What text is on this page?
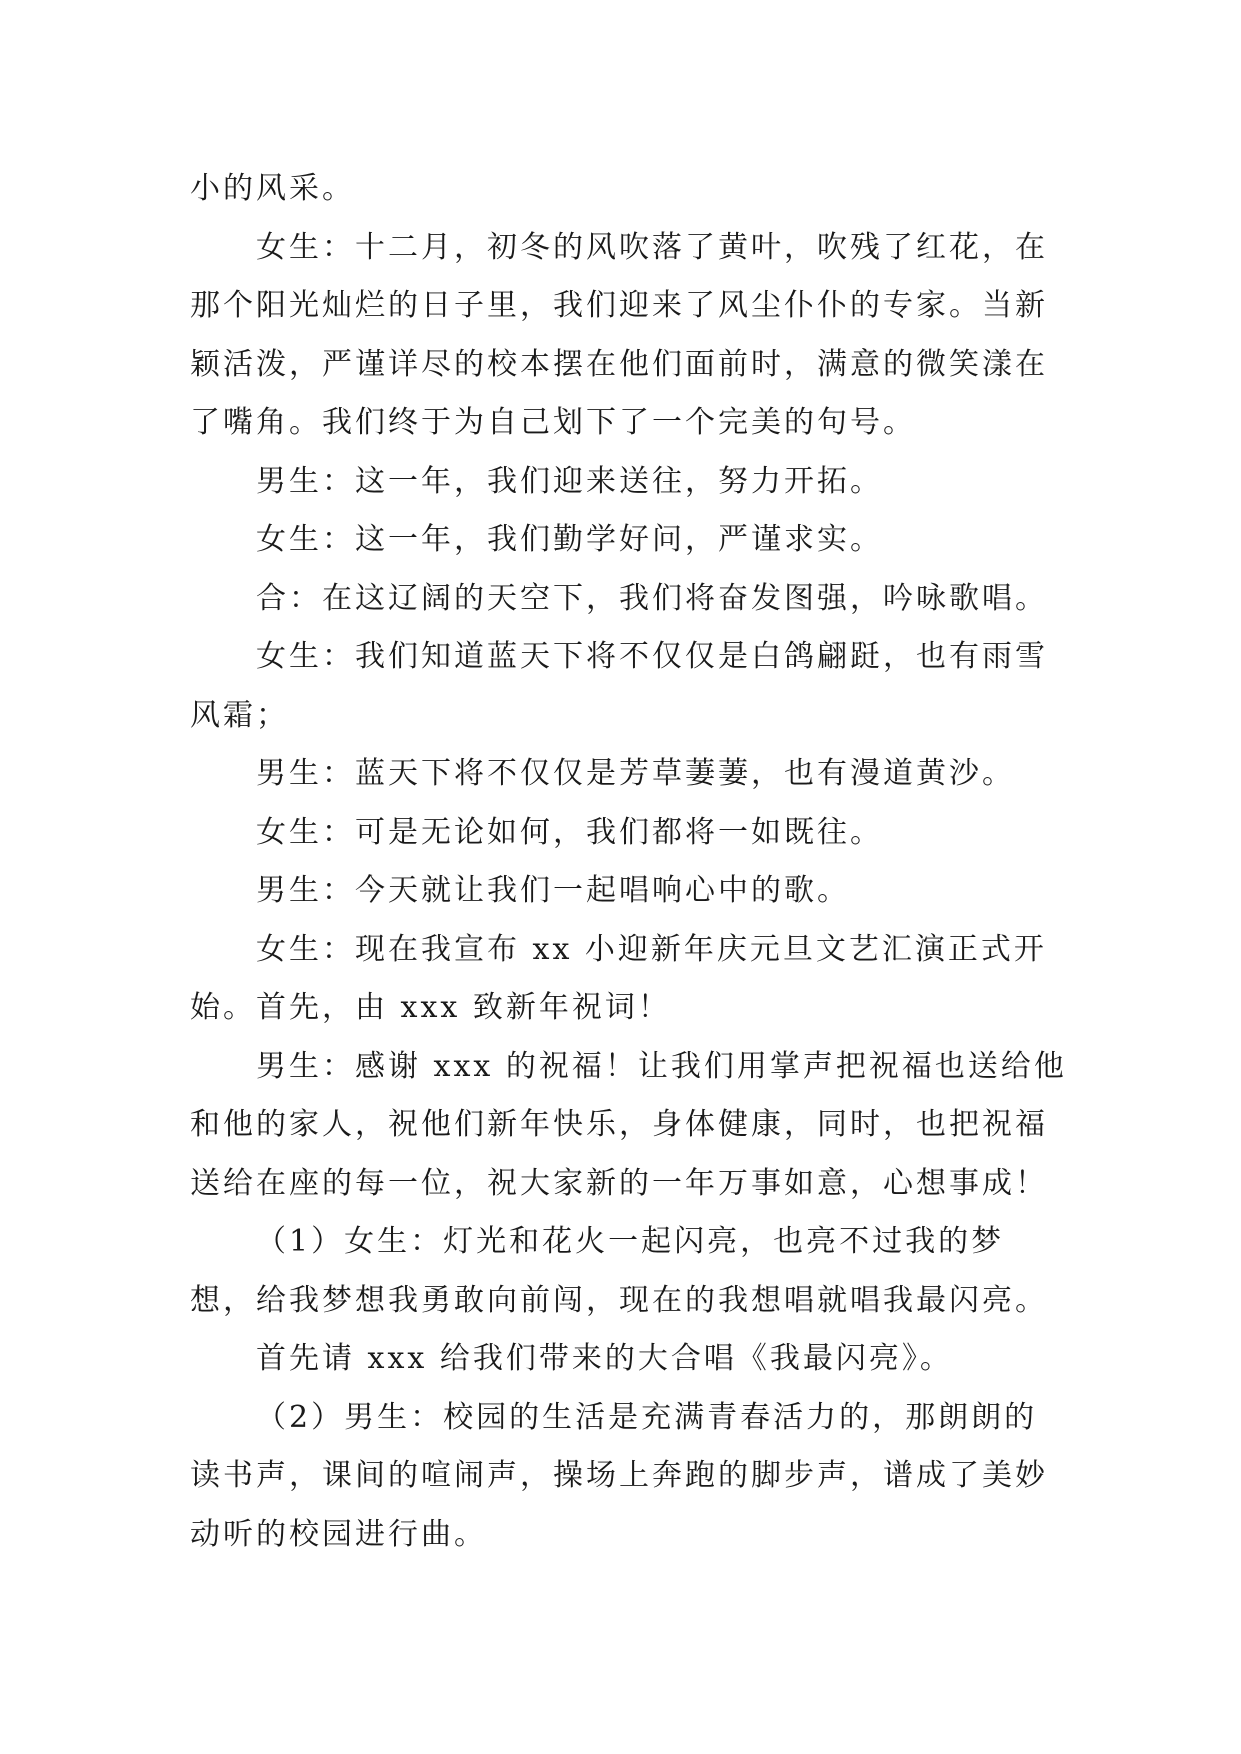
小的风采。

女生：十二月，初冬的风吹落了黄叶，吹残了红花，在那个阳光灿烂的日子里，我们迎来了风尘仆仆的专家。当新颖活泼，严谨详尽的校本摆在他们面前时，满意的微笑漾在了嘴角。我们终于为自己划下了一个完美的句号。

男生：这一年，我们迎来送往，努力开拓。

女生：这一年，我们勤学好问，严谨求实。

合：在这辽阔的天空下，我们将奋发图强，吟咏歌唱。

女生：我们知道蓝天下将不仅仅是白鸽翩跹，也有雨雪风霜；

男生：蓝天下将不仅仅是芳草萋萋，也有漫道黄沙。

女生：可是无论如何，我们都将一如既往。

男生：今天就让我们一起唱响心中的歌。

女生：现在我宣布 xx 小迎新年庆元旦文艺汇演正式开始。首先，由 xxx 致新年祝词！

男生：感谢 xxx 的祝福！让我们用掌声把祝福也送给他和他的家人，祝他们新年快乐，身体健康，同时，也把祝福送给在座的每一位，祝大家新的一年万事如意，心想事成！

（1）女生：灯光和花火一起闪亮，也亮不过我的梦想，给我梦想我勇敢向前闯，现在的我想唱就唱我最闪亮。

首先请 xxx 给我们带来的大合唱《我最闪亮》。

（2）男生：校园的生活是充满青春活力的，那朗朗的读书声，课间的喧闹声，操场上奔跑的脚步声，谱成了美妙动听的校园进行曲。
